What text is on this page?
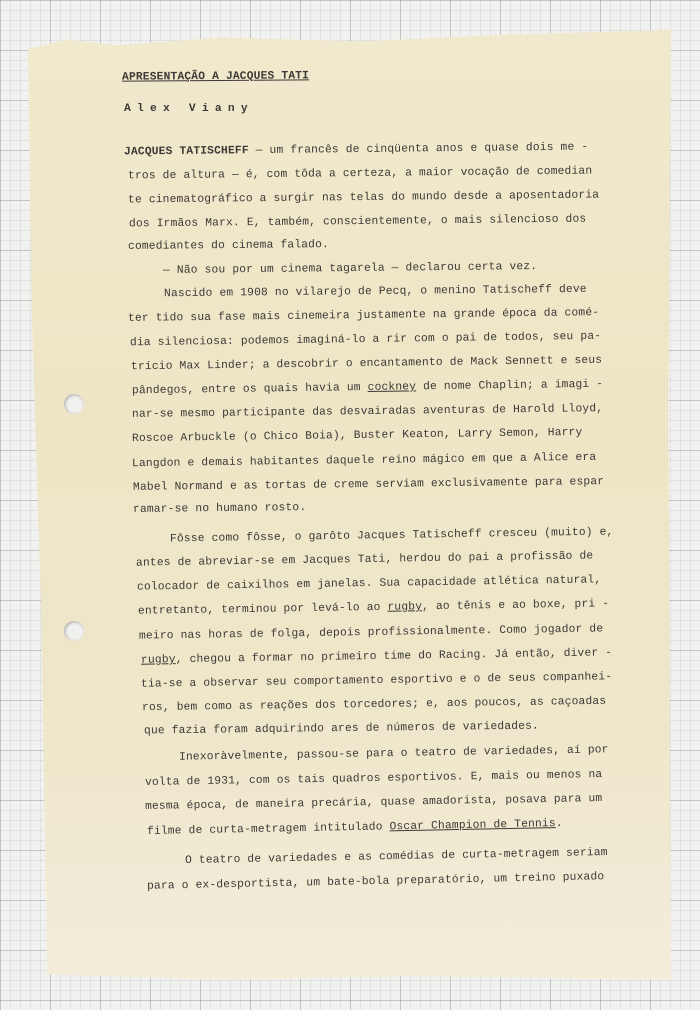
APRESENTAÇÃO A JACQUES TATI
Alex Viany
JACQUES TATISCHEFF — um francês de cinqüenta anos e quase dois me -
tros de altura — é, com tôda a certeza, a maior vocação de comedian
te cinematográfico a surgir nas telas do mundo desde a aposentadoria
dos Irmãos Marx. E, também, conscientemente, o mais silencioso dos
comediantes do cinema falado.
— Não sou por um cinema tagarela — declarou certa vez.
Nascido em 1908 no vilarejo de Pecq, o menino Tatischeff deve
ter tido sua fase mais cinemeira justamente na grande época da comé-
dia silenciosa: podemos imaginá-lo a rir com o pai de todos, seu pa-
trício Max Linder; a descobrir o encantamento de Mack Sennett e seus
pândegos, entre os quais havia um cockney de nome Chaplin; a imagi -
nar-se mesmo participante das desvairadas aventuras de Harold Lloyd,
Roscoe Arbuckle (o Chico Boia), Buster Keaton, Larry Semon, Harry
Langdon e demais habitantes daquele reino mágico em que a Alice era
Mabel Normand e as tortas de creme serviam exclusivamente para espar
ramar-se no humano rosto.
Fôsse como fôsse, o garôto Jacques Tatischeff cresceu (muito) e,
antes de abreviar-se em Jacques Tati, herdou do pai a profissão de
colocador de caixilhos em janelas. Sua capacidade atlética natural,
entretanto, terminou por levá-lo ao rugby, ao tênis e ao boxe, pri -
meiro nas horas de folga, depois profissionalmente. Como jogador de
rugby, chegou a formar no primeiro time do Racing. Já então, diver -
tia-se a observar seu comportamento esportivo e o de seus companhei-
ros, bem como as reações dos torcedores; e, aos poucos, as caçoadas
que fazia foram adquirindo ares de números de variedades.
Inexoràvelmente, passou-se para o teatro de variedades, aí por
volta de 1931, com os tais quadros esportivos. E, mais ou menos na
mesma época, de maneira precária, quase amadorista, posava para um
filme de curta-metragem intitulado Oscar Champion de Tennis.
O teatro de variedades e as comédias de curta-metragem seriam
para o ex-desportista, um bate-bola preparatório, um treino puxado
